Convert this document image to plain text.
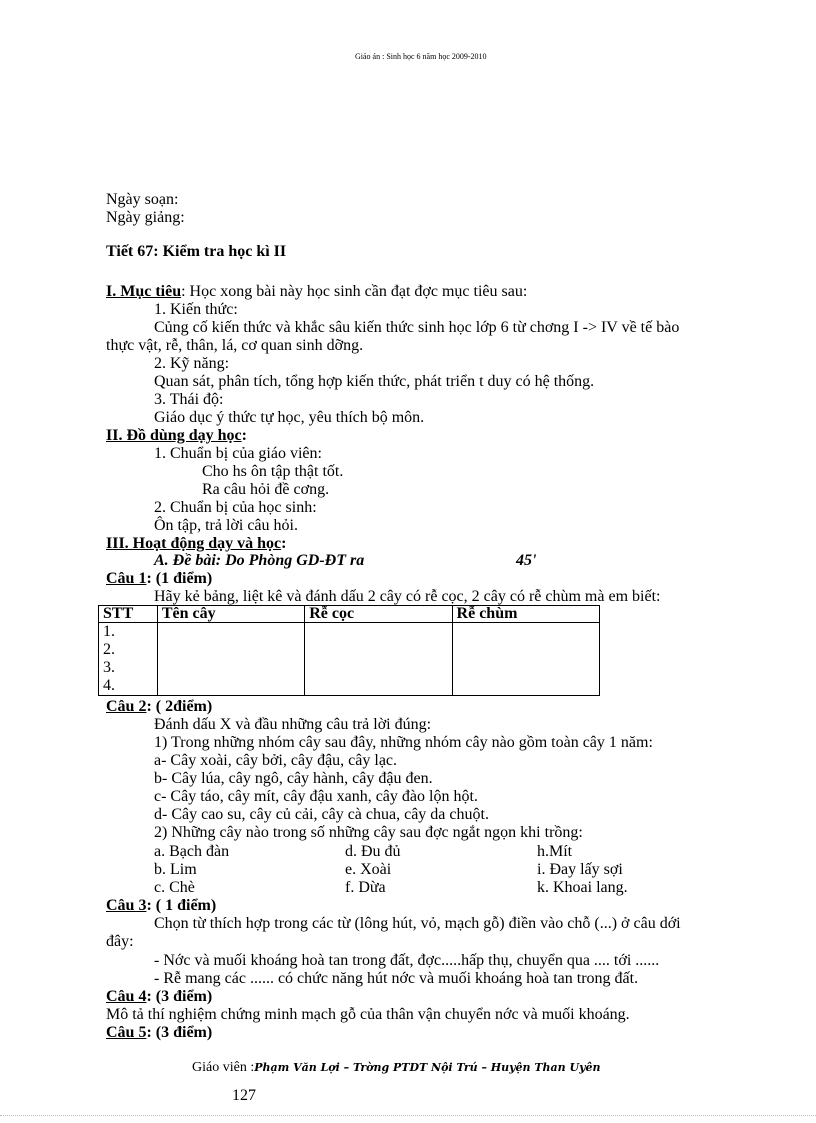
Giáo án : Sinh học 6 năm học 2009-2010
Ngày soạn:
Ngày giảng:
Tiết 67: Kiểm tra học kì II
I. Mục tiêu: Học xong bài này học sinh cần đạt đợc mục tiêu sau:
1. Kiến thức:
Củng cố kiến thức và khắc sâu kiến thức sinh học lớp 6 từ chơng I -> IV về tế bào
thực vật, rễ, thân, lá, cơ quan sinh dỡng.
2. Kỹ năng:
Quan sát, phân tích, tổng hợp kiến thức, phát triển t duy có hệ thống.
3. Thái độ:
Giáo dục ý thức tự học, yêu thích bộ môn.
II. Đồ dùng dạy học:
1. Chuẩn bị của giáo viên:
Cho hs ôn tập thật tốt.
Ra câu hỏi đề cơng.
2. Chuẩn bị của học sinh:
Ôn tập, trả lời câu hỏi.
III. Hoạt động dạy và học:
A. Đề bài: Do Phòng GD-ĐT ra	45'
Câu 1: (1 điểm)
Hãy kẻ bảng, liệt kê và đánh dấu 2 cây có rễ cọc, 2 cây có rễ chùm mà em biết:
STT	Tên cây	Rễ cọc	Rễ chùm

1.
2.
3.
4.			

Câu 2: ( 2điểm)
Đánh dấu X và đầu những câu trả lời đúng:
1) Trong những nhóm cây sau đây, những nhóm cây nào gồm toàn cây 1 năm:
a- Cây xoài, cây bởi, cây đậu, cây lạc.
b- Cây lúa, cây ngô, cây hành, cây đậu đen.
c- Cây táo, cây mít, cây đậu xanh, cây đào lộn hột.
d- Cây cao su, cây củ cải, cây cà chua, cây da chuột.
2) Những cây nào trong số những cây sau đợc ngắt ngọn khi trồng:
a. Bạch đàn	d. Đu đủ	h.Mít
b. Lim	e. Xoài	i. Đay lấy sợi
c. Chè	f. Dừa	k. Khoai lang.
Câu 3: ( 1 điểm)
Chọn từ thích hợp trong các từ (lông hút, vỏ, mạch gỗ) điền vào chỗ (...) ở câu dới
đây:
- Nớc và muối khoáng hoà tan trong đất, đợc.....hấp thụ, chuyển qua .... tới ......
- Rễ mang các ...... có chức năng hút nớc và muối khoáng hoà tan trong đất.
Câu 4: (3 điểm)
Mô tả thí nghiệm chứng minh mạch gỗ của thân vận chuyển nớc và muối khoáng.
Câu 5: (3 điểm)
Giáo viên :Phạm Văn Lợi – Trờng PTDT Nội Trú – Huyện Than Uyên
127
